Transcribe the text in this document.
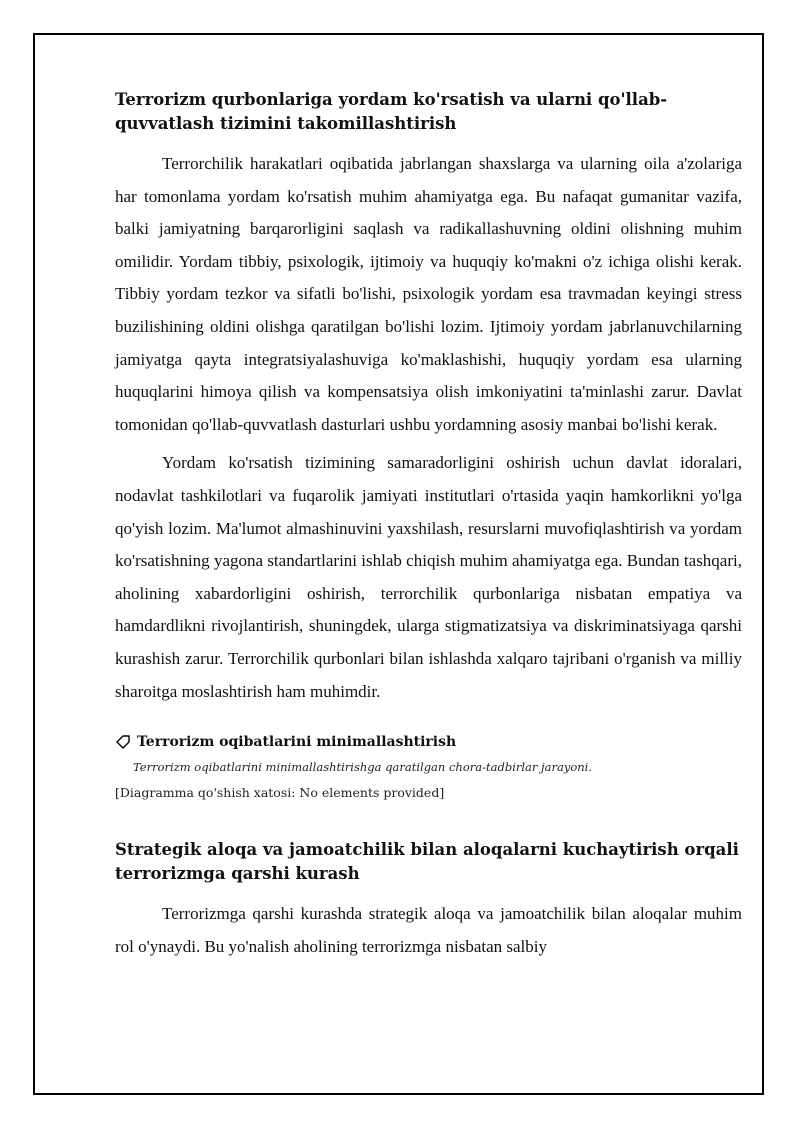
Terrorizm qurbonlariga yordam ko'rsatish va ularni qo'llab-quvvatlash tizimini takomillashtirish

Terrorchilik harakatlari oqibatida jabrlangan shaxslarga va ularning oila a'zolariga har tomonlama yordam ko'rsatish muhim ahamiyatga ega. Bu nafaqat gumanitar vazifa, balki jamiyatning barqarorligini saqlash va radikallashuvning oldini olishning muhim omilidir. Yordam tibbiy, psixologik, ijtimoiy va huquqiy ko'makni o'z ichiga olishi kerak. Tibbiy yordam tezkor va sifatli bo'lishi, psixologik yordam esa travmadan keyingi stress buzilishining oldini olishga qaratilgan bo'lishi lozim. Ijtimoiy yordam jabrlanuvchilarning jamiyatga qayta integratsiyalashuviga ko'maklashishi, huquqiy yordam esa ularning huquqlarini himoya qilish va kompensatsiya olish imkoniyatini ta'minlashi zarur. Davlat tomonidan qo'llab-quvvatlash dasturlari ushbu yordamning asosiy manbai bo'lishi kerak.

Yordam ko'rsatish tizimining samaradorligini oshirish uchun davlat idoralari, nodavlat tashkilotlari va fuqarolik jamiyati institutlari o'rtasida yaqin hamkorlikni yo'lga qo'yish lozim. Ma'lumot almashinuvini yaxshilash, resurslarni muvofiqlashtirish va yordam ko'rsatishning yagona standartlarini ishlab chiqish muhim ahamiyatga ega. Bundan tashqari, aholining xabardorligini oshirish, terrorchilik qurbonlariga nisbatan empatiya va hamdardlikni rivojlantirish, shuningdek, ularga stigmatizatsiya va diskriminatsiyaga qarshi kurashish zarur. Terrorchilik qurbonlari bilan ishlashda xalqaro tajribani o'rganish va milliy sharoitga moslashtirish ham muhimdir.

Terrorizm oqibatlarini minimallashtirish
Terrorizm oqibatlarini minimallashtirishga qaratilgan chora-tadbirlar jarayoni.
[Diagramma qo'shish xatosi: No elements provided]
Strategik aloqa va jamoatchilik bilan aloqalarni kuchaytirish orqali terrorizmga qarshi kurash

Terrorizmga qarshi kurashda strategik aloqa va jamoatchilik bilan aloqalar muhim rol o'ynaydi. Bu yo'nalish aholining terrorizmga nisbatan salbiy
